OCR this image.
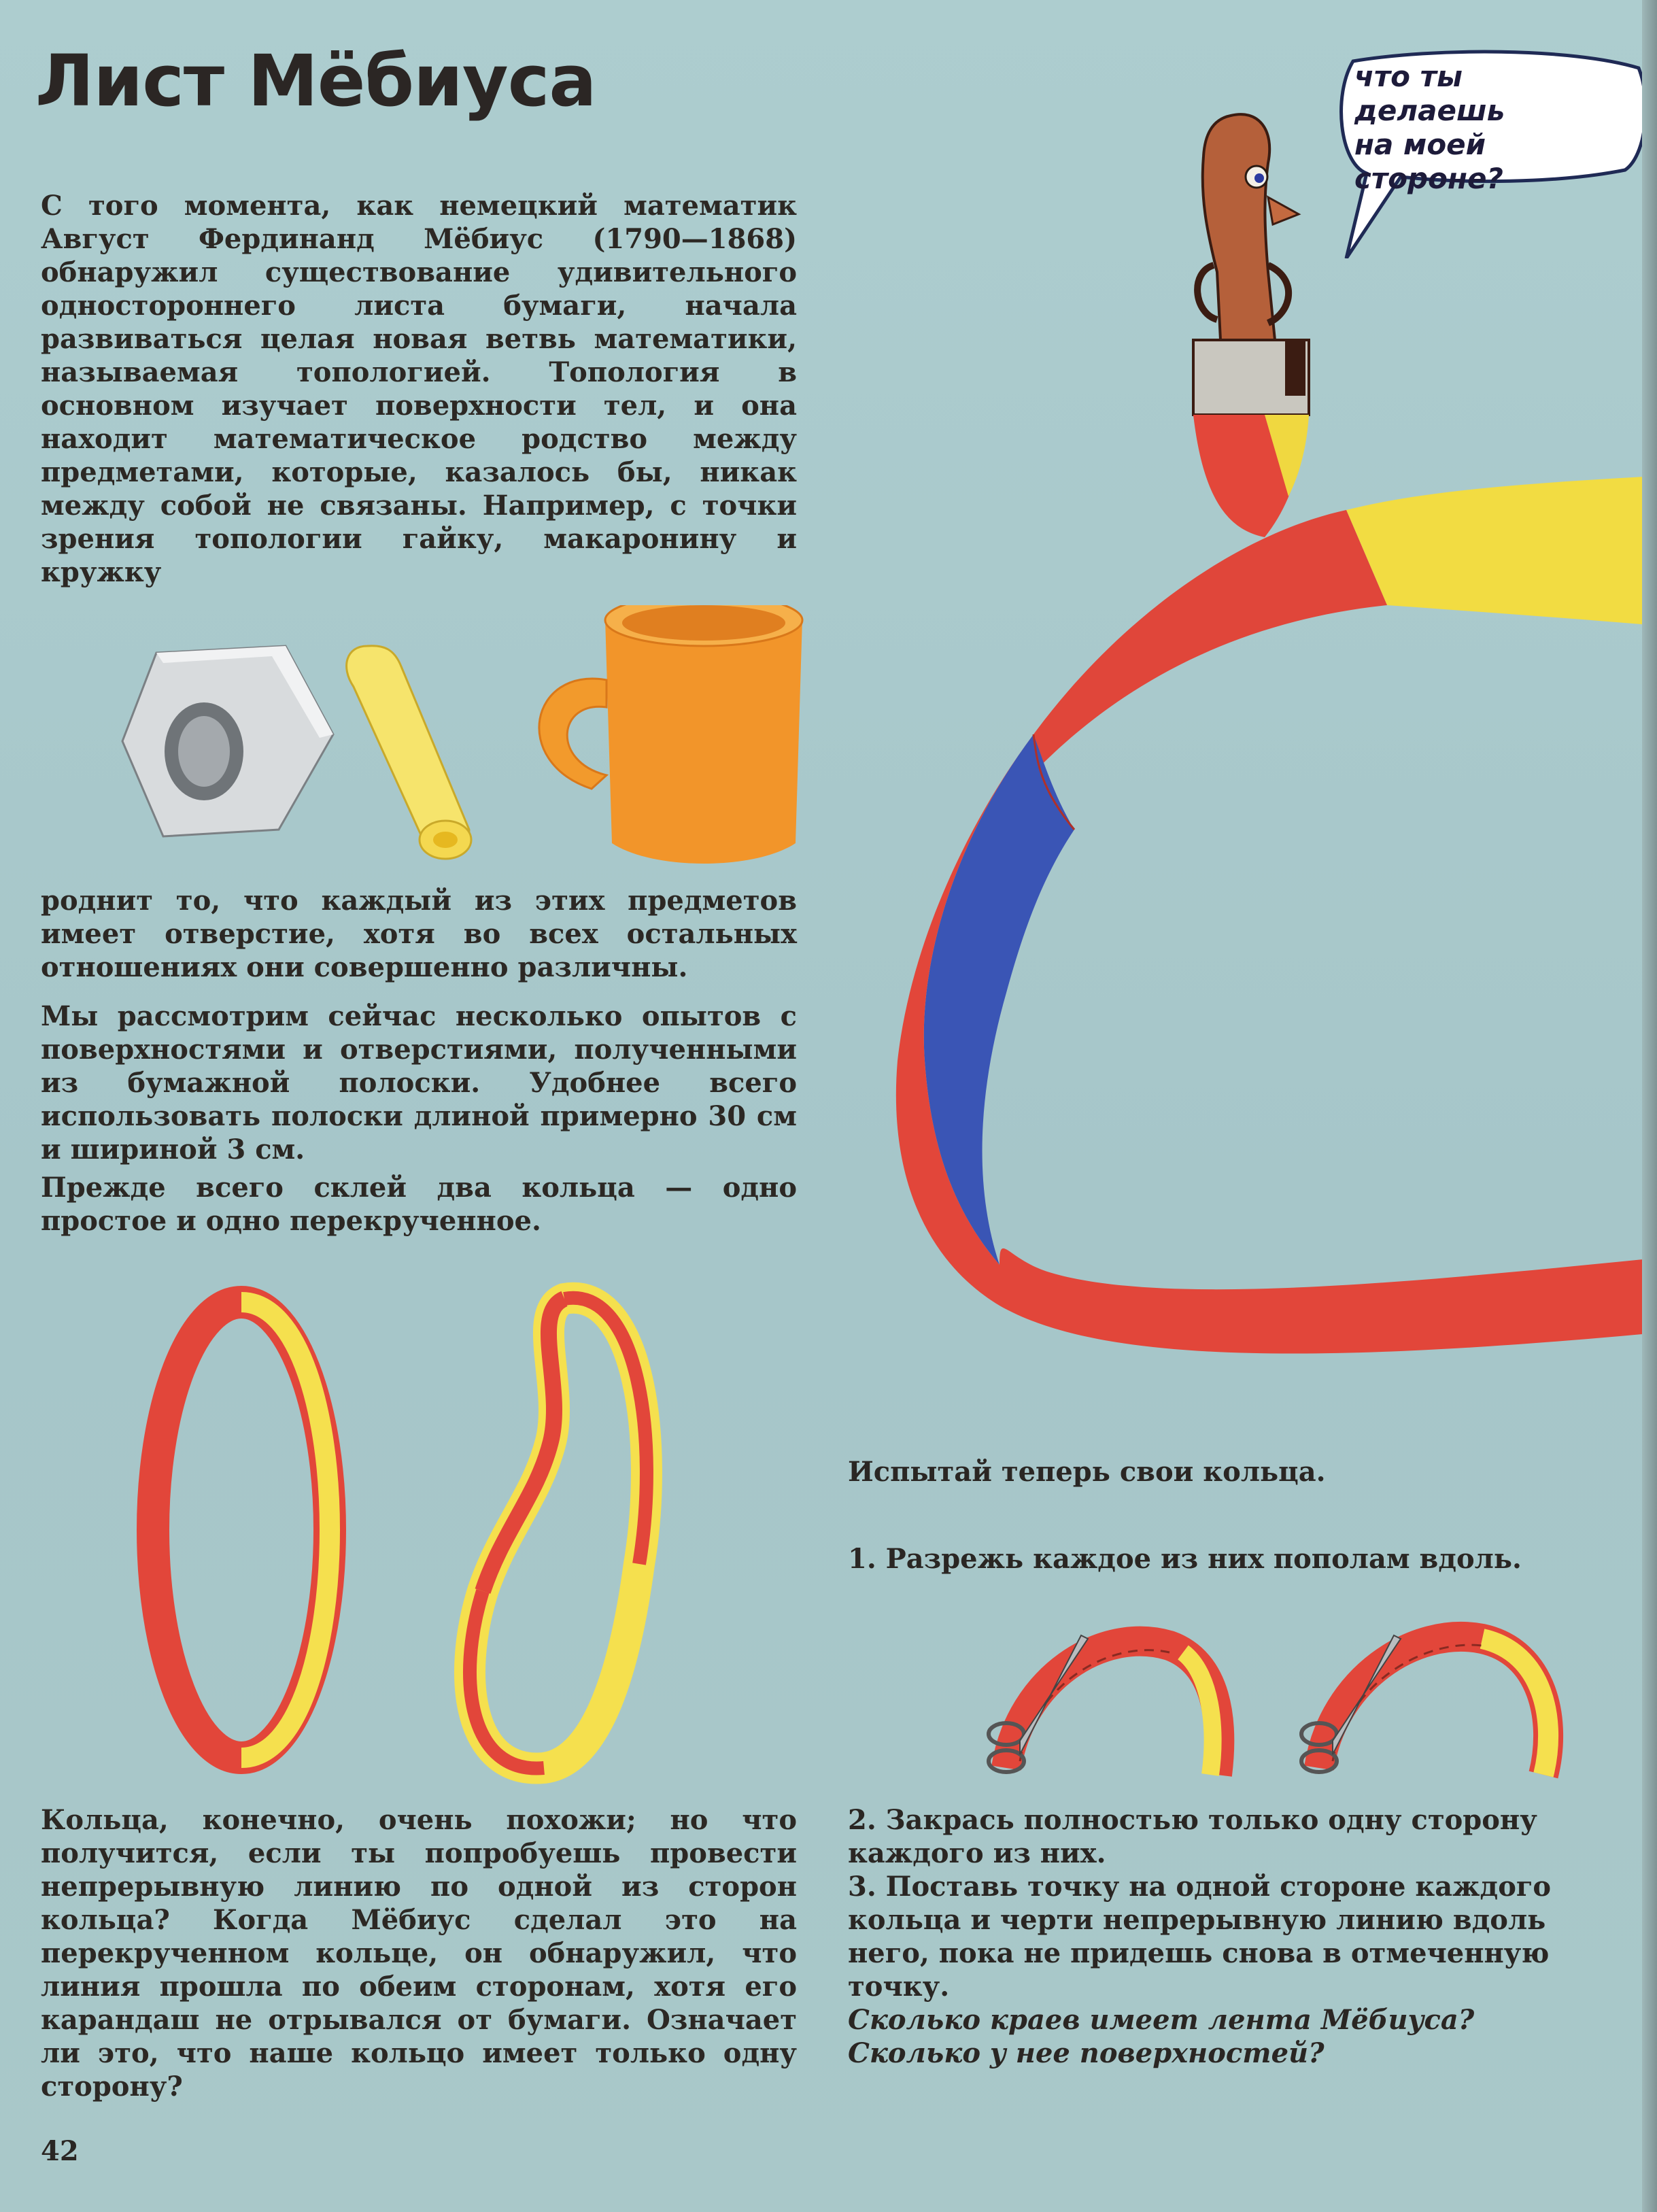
что ты делаешь
на моей
стороне?

Лист Мёбиуса

С того момента, как немецкий математик Август Фердинанд Мёбиус (1790—1868) обнаружил существование удивительного одностороннего листа бумаги, начала развиваться целая новая ветвь математики, называемая топологией. Топология в основном изучает поверхности тел, и она находит математическое родство между предметами, которые, казалось бы, никак между собой не связаны. Например, с точки зрения топологии гайку, макаронину и кружку

роднит то, что каждый из этих предметов имеет отверстие, хотя во всех остальных отношениях они совершенно различны.

Мы рассмотрим сейчас несколько опытов с поверхностями и отверстиями, полученными из бумажной полоски. Удобнее всего использовать полоски длиной примерно 30 см и шириной 3 см.

Прежде всего склей два кольца — одно простое и одно перекрученное.

Кольца, конечно, очень похожи; но что получится, если ты попробуешь провести непрерывную линию по одной из сторон кольца? Когда Мёбиус сделал это на перекрученном кольце, он обнаружил, что линия прошла по обеим сторонам, хотя его карандаш не отрывался от бумаги. Означает ли это, что наше кольцо имеет только одну сторону?

Испытай теперь свои кольца.

1. Разрежь каждое из них пополам вдоль.

2. Закрась полностью только одну сторону каждого из них.

3. Поставь точку на одной стороне каждого кольца и черти непрерывную линию вдоль него, пока не придешь снова в отмеченную точку.

Сколько краев имеет лента Мёбиуса? Сколько у нее поверхностей?

42
